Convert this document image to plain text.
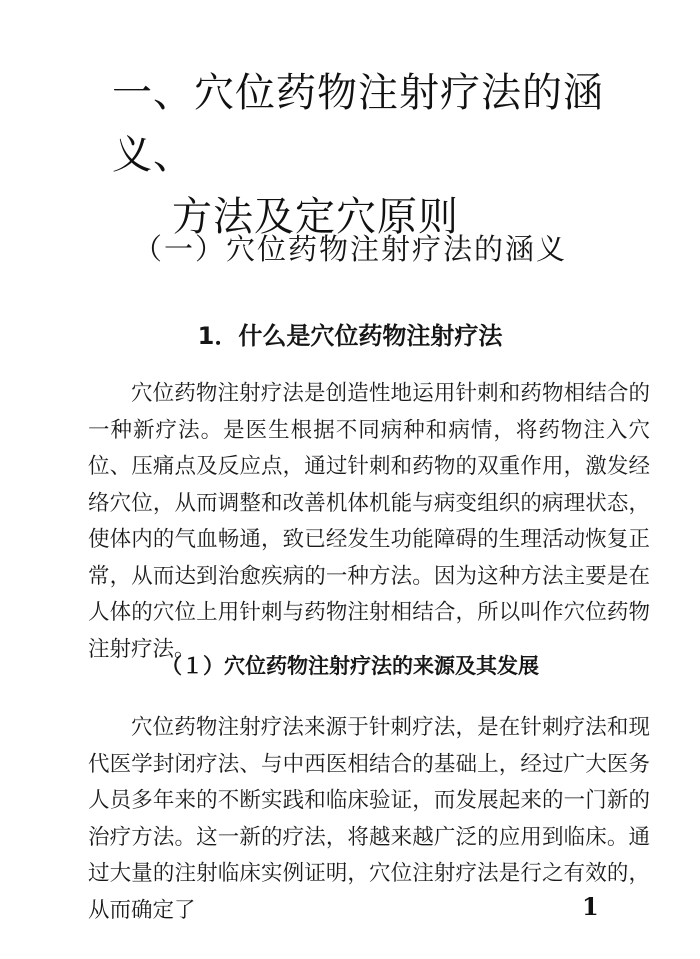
一、穴位药物注射疗法的涵义、
方法及定穴原则
（一）穴位药物注射疗法的涵义
1．什么是穴位药物注射疗法

穴位药物注射疗法是创造性地运用针刺和药物相结合的一种新疗法。是医生根据不同病种和病情，将药物注入穴位、压痛点及反应点，通过针刺和药物的双重作用，激发经络穴位，从而调整和改善机体机能与病变组织的病理状态，使体内的气血畅通，致已经发生功能障碍的生理活动恢复正常，从而达到治愈疾病的一种方法。因为这种方法主要是在人体的穴位上用针刺与药物注射相结合，所以叫作穴位药物注射疗法。

（１）穴位药物注射疗法的来源及其发展

穴位药物注射疗法来源于针刺疗法，是在针刺疗法和现代医学封闭疗法、与中西医相结合的基础上，经过广大医务人员多年来的不断实践和临床验证，而发展起来的一门新的治疗方法。这一新的疗法，将越来越广泛的应用到临床。通过大量的注射临床实例证明，穴位注射疗法是行之有效的，从而确定了	1
